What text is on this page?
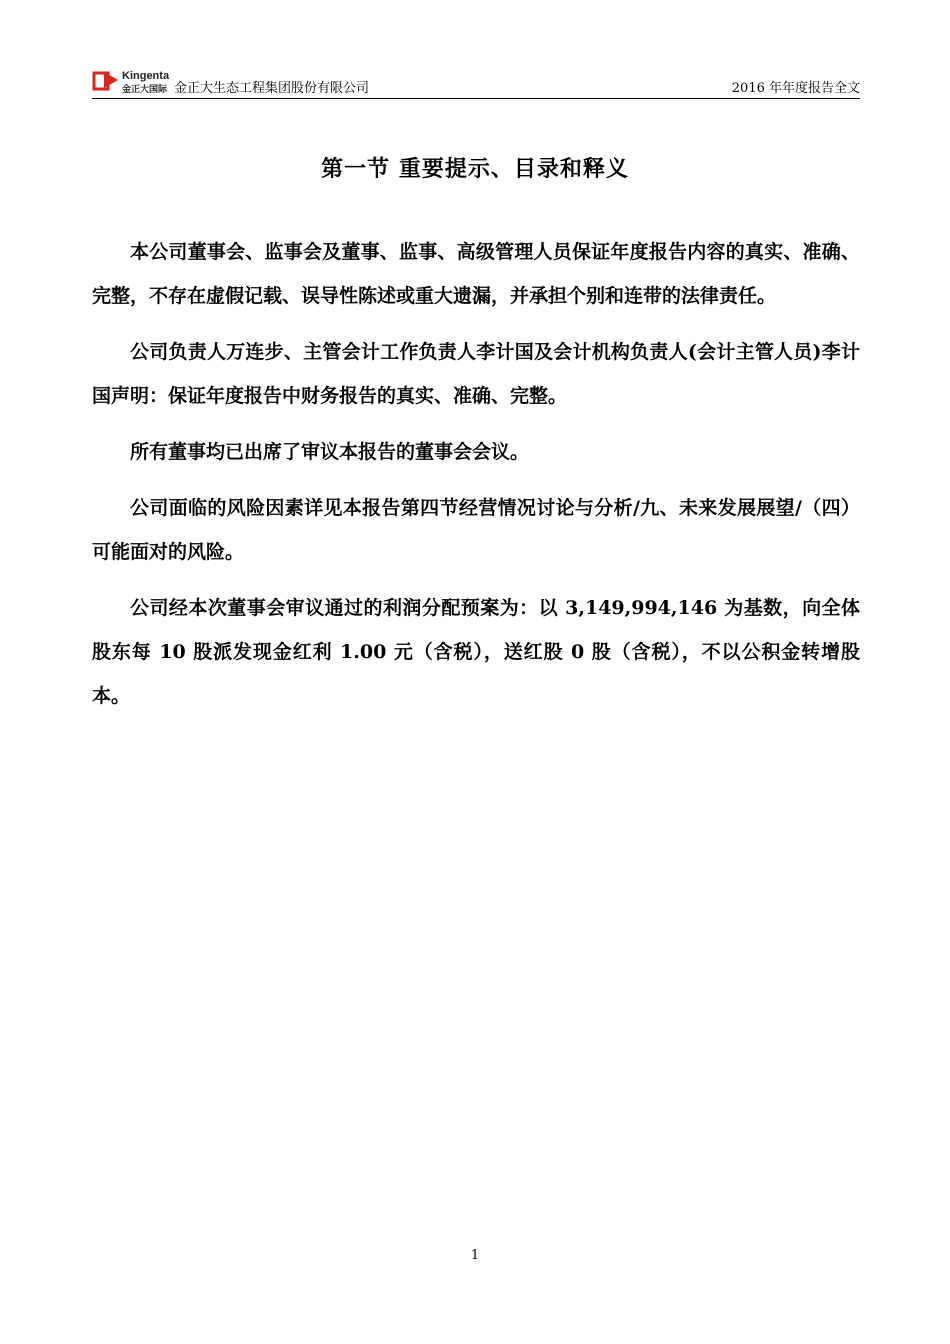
Kingenta
金正大国际 金正大生态工程集团股份有限公司	2016 年年度报告全文
第一节 重要提示、目录和释义

本公司董事会、监事会及董事、监事、高级管理人员保证年度报告内容的真实、准确、完整，不存在虚假记载、误导性陈述或重大遗漏，并承担个别和连带的法律责任。

公司负责人万连步、主管会计工作负责人李计国及会计机构负责人(会计主管人员)李计国声明：保证年度报告中财务报告的真实、准确、完整。

所有董事均已出席了审议本报告的董事会会议。

公司面临的风险因素详见本报告第四节经营情况讨论与分析/九、未来发展展望/（四）可能面对的风险。

公司经本次董事会审议通过的利润分配预案为：以 3,149,994,146 为基数，向全体股东每 10 股派发现金红利 1.00 元（含税），送红股 0 股（含税），不以公积金转增股本。

1
